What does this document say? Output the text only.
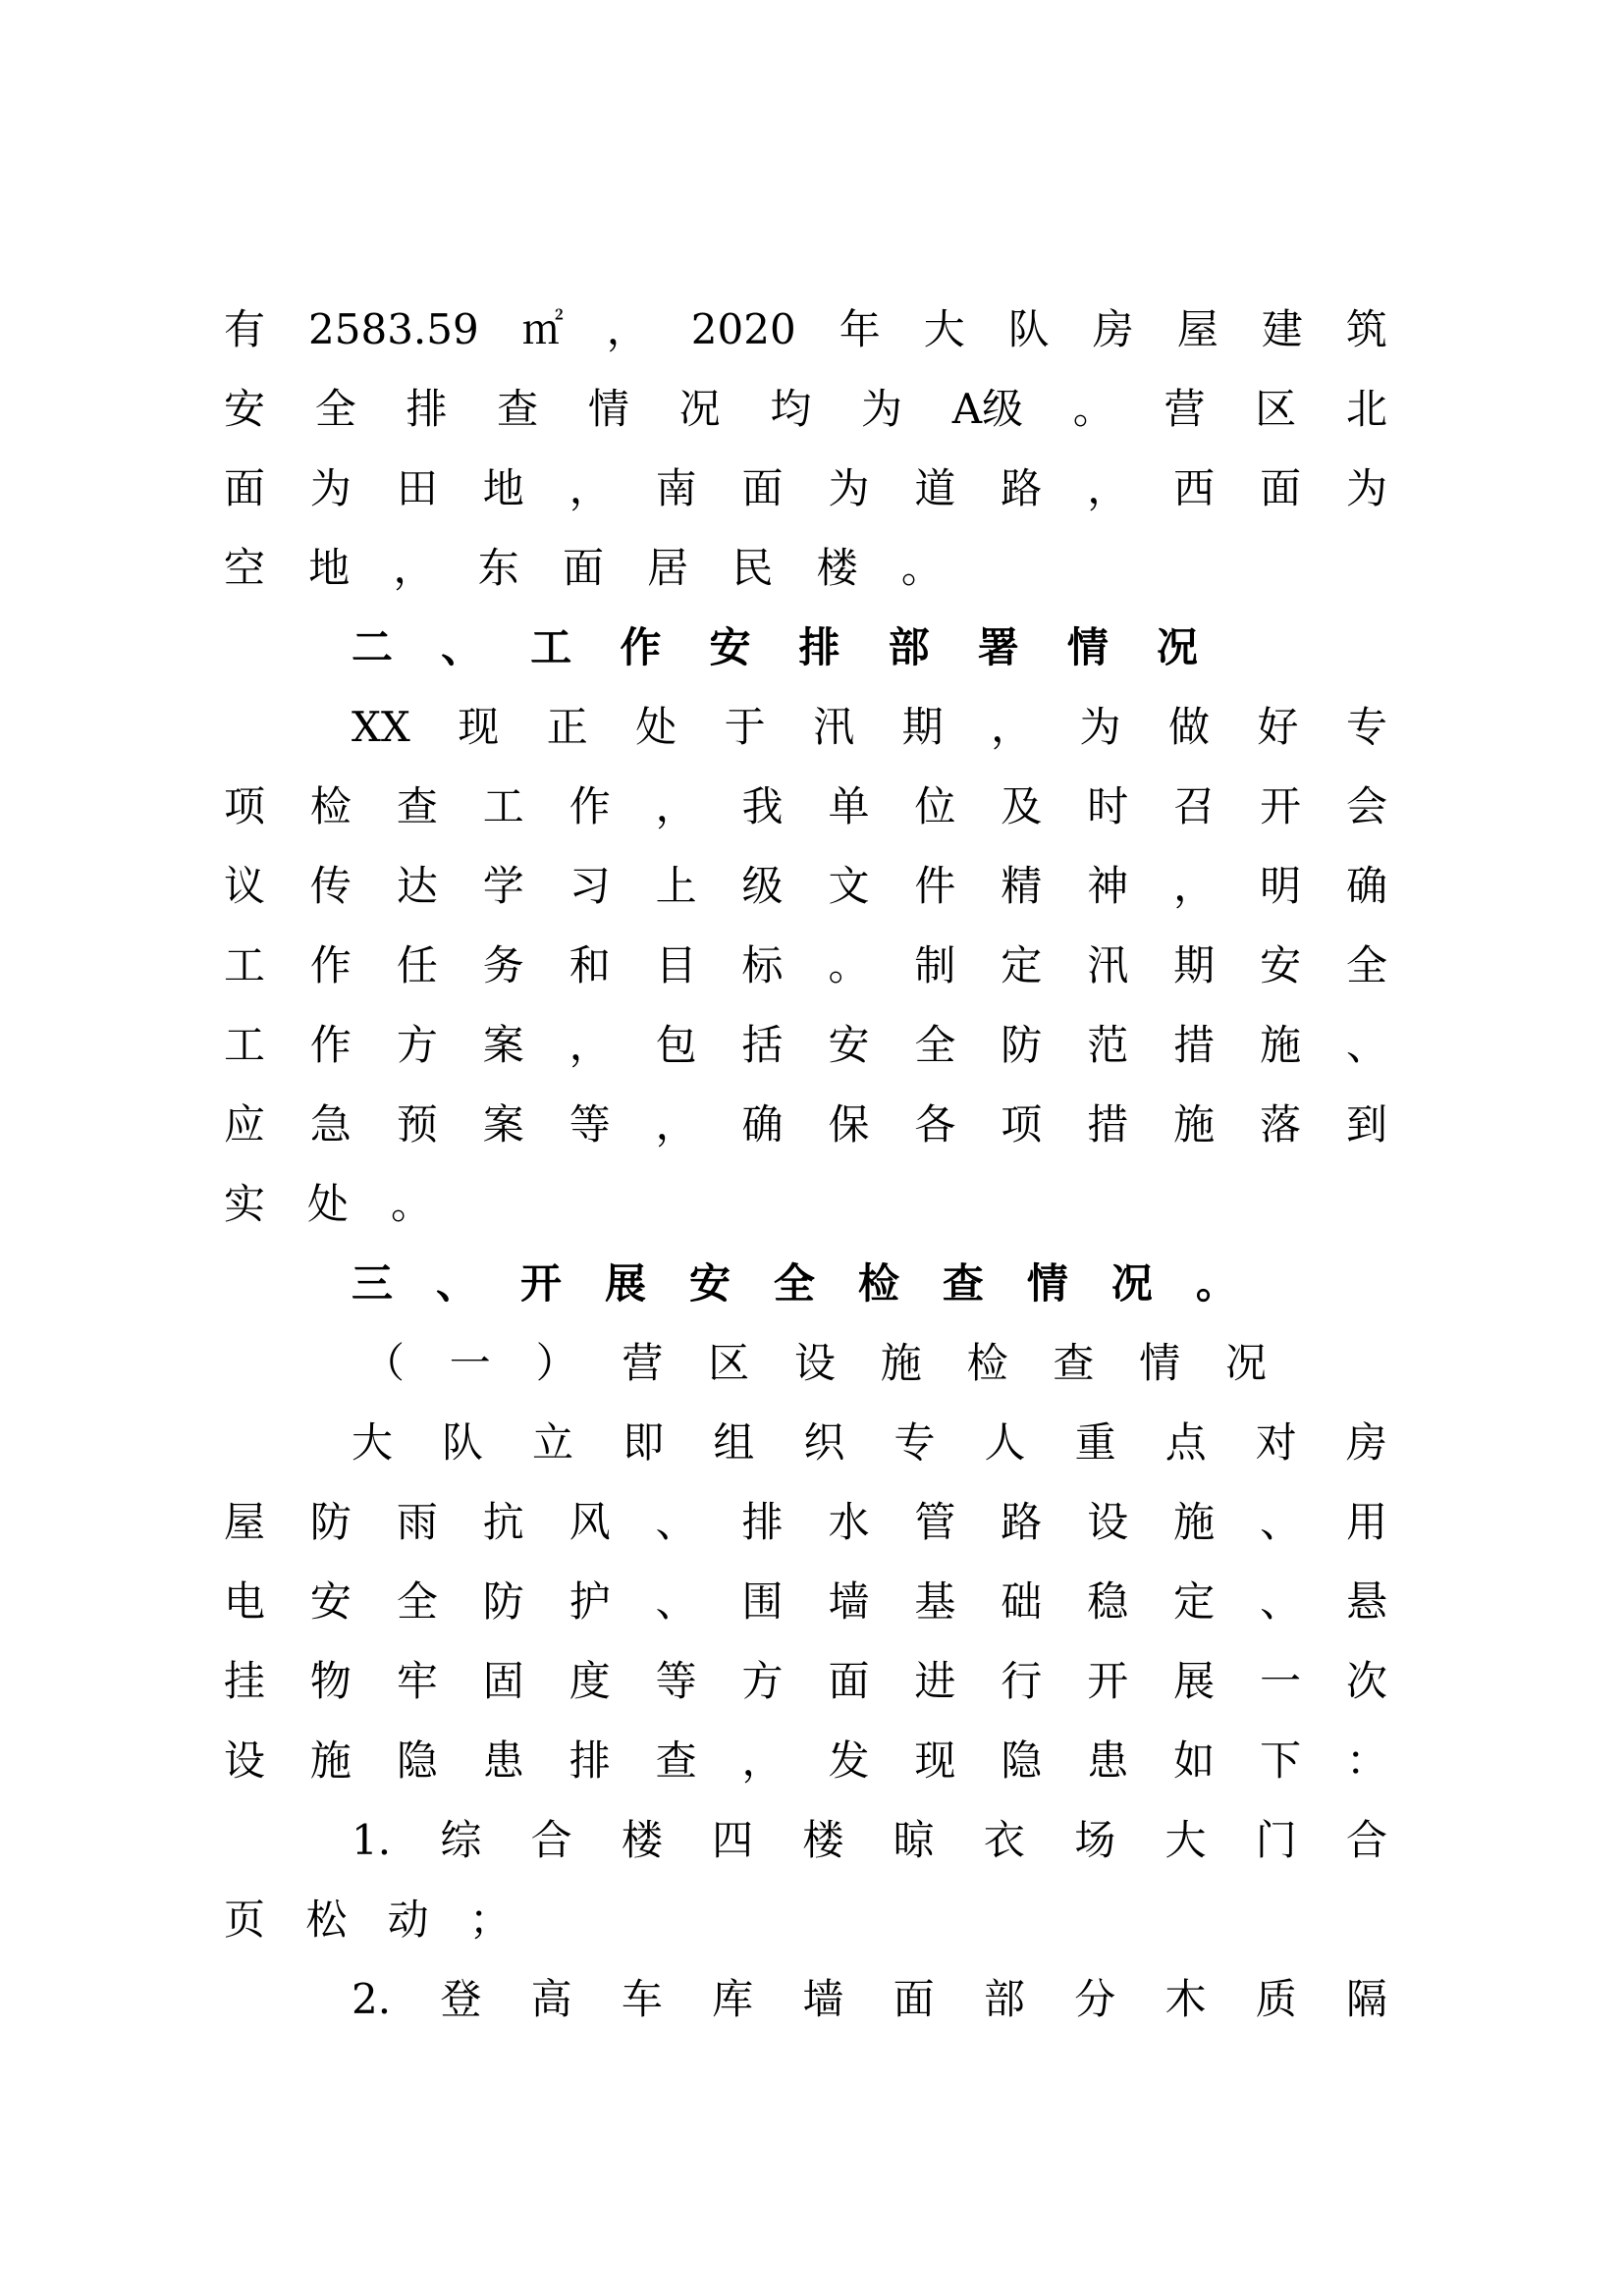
有 2583.59 ㎡ ， 2020 年 大 队 房 屋 建 筑
安 全 排 查 情 况 均 为 A级 。 营 区 北
面 为 田 地 ， 南 面 为 道 路 ， 西 面 为
空 地 ， 东 面 居 民 楼 。
二 、 工 作 安 排 部 署 情 况
XX 现 正 处 于 汛 期 ， 为 做 好 专
项 检 查 工 作 ， 我 单 位 及 时 召 开 会
议 传 达 学 习 上 级 文 件 精 神 ， 明 确
工 作 任 务 和 目 标 。 制 定 汛 期 安 全
工 作 方 案 ， 包 括 安 全 防 范 措 施 、
应 急 预 案 等 ， 确 保 各 项 措 施 落 到
实 处 。
三 、 开 展 安 全 检 查 情 况 。
（ 一 ） 营 区 设 施 检 查 情 况
大 队 立 即 组 织 专 人 重 点 对 房
屋 防 雨 抗 风 、 排 水 管 路 设 施 、 用
电 安 全 防 护 、 围 墙 基 础 稳 定 、 悬
挂 物 牢 固 度 等 方 面 进 行 开 展 一 次
设 施 隐 患 排 查 ， 发 现 隐 患 如 下 ：
1. 综 合 楼 四 楼 晾 衣 场 大 门 合
页 松 动 ；
2. 登 高 车 库 墙 面 部 分 木 质 隔
